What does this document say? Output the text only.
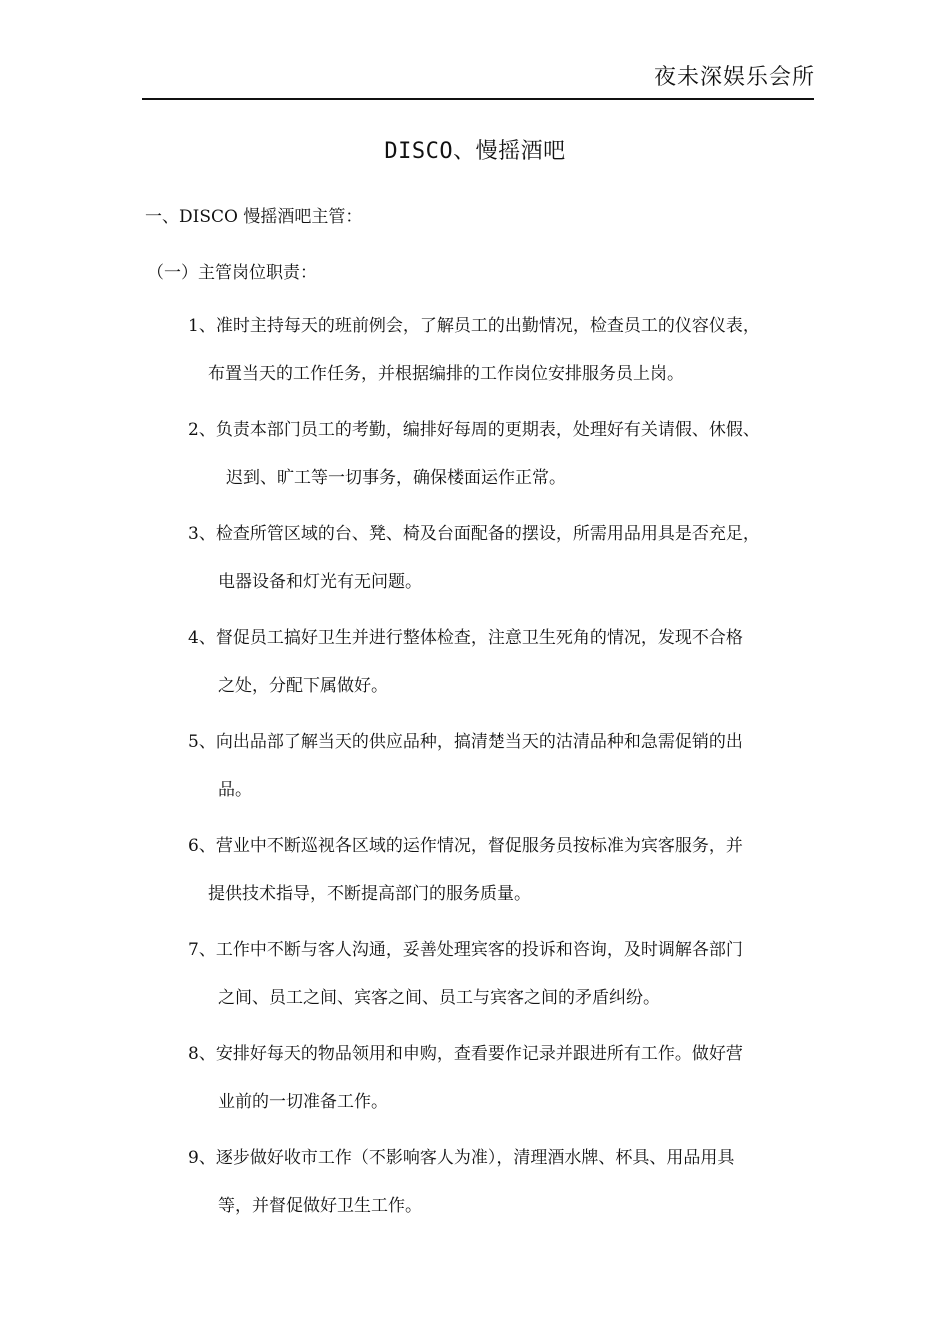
夜未深娱乐会所
DISCO、慢摇酒吧
一、DISCO 慢摇酒吧主管：
（一）主管岗位职责：
1、准时主持每天的班前例会，了解员工的出勤情况，检查员工的仪容仪表，
布置当天的工作任务，并根据编排的工作岗位安排服务员上岗。
2、负责本部门员工的考勤，编排好每周的更期表，处理好有关请假、休假、
迟到、旷工等一切事务，确保楼面运作正常。
3、检查所管区域的台、凳、椅及台面配备的摆设，所需用品用具是否充足，
电器设备和灯光有无问题。
4、督促员工搞好卫生并进行整体检查，注意卫生死角的情况，发现不合格
之处，分配下属做好。
5、向出品部了解当天的供应品种，搞清楚当天的沽清品种和急需促销的出
品。
6、营业中不断巡视各区域的运作情况，督促服务员按标准为宾客服务，并
提供技术指导，不断提高部门的服务质量。
7、工作中不断与客人沟通，妥善处理宾客的投诉和咨询，及时调解各部门
之间、员工之间、宾客之间、员工与宾客之间的矛盾纠纷。
8、安排好每天的物品领用和申购，查看要作记录并跟进所有工作。做好营
业前的一切准备工作。
9、逐步做好收市工作（不影响客人为准），清理酒水牌、杯具、用品用具
等，并督促做好卫生工作。
